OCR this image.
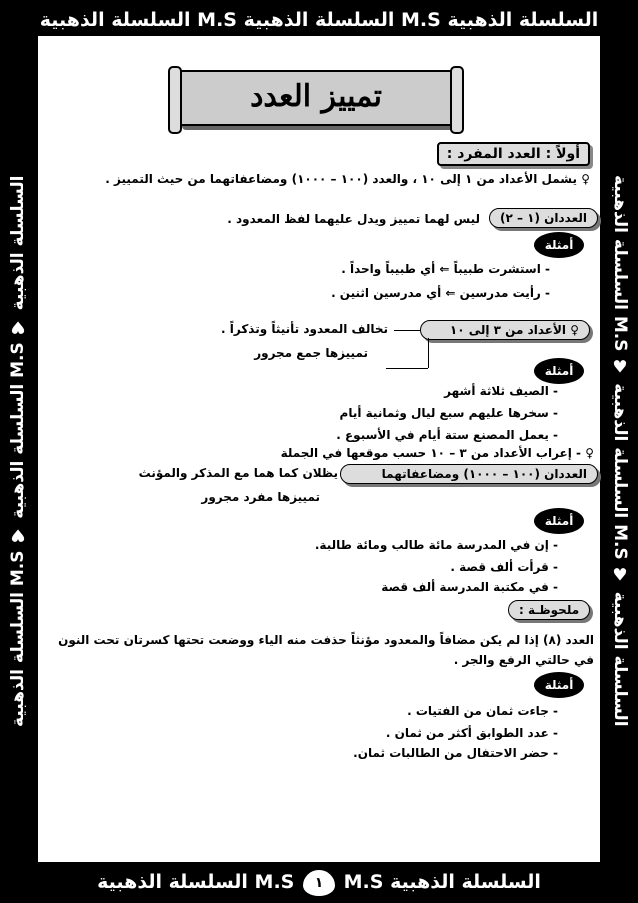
السلسلة الذهبية M.S السلسلة الذهبية M.S السلسلة الذهبية
السلسلة الذهبية M.S ١ M.S السلسلة الذهبية
السلسلة الذهبية M.S ♥ السلسلة الذهبية M.S ♥ السلسلة الذهبية	السلسلة الذهبية M.S ♥ السلسلة الذهبية M.S ♥ السلسلة الذهبية
تمييز العدد
أولاً : العدد المفرد :
♀ يشمل الأعداد من ١ إلى ١٠ ، والعدد (١٠٠ – ١٠٠٠) ومضاعفاتهما من حيث التمييز .
العددان (١ – ٢)
ليس لهما تمييز ويدل عليهما لفظ المعدود .
أمثلة
- استشرت طبيباً ⇐ أي طبيباً واحداً .
- رأيت مدرسين ⇐ أي مدرسين اثنين .
♀ الأعداد من ٣ إلى ١٠
تخالف المعدود تأنيثاً وتذكراً .
تمييزها جمع مجرور
أمثلة
- الصيف ثلاثة أشهر
- سخرها عليهم سبع ليال وثمانية أيام
- يعمل المصنع ستة أيام في الأسبوع .
♀ - إعراب الأعداد من ٣ – ١٠ حسب موقعها في الجملة
العددان (١٠٠ – ١٠٠٠) ومضاعفاتهما
يظلان كما هما مع المذكر والمؤنث
تمييزها مفرد مجرور
أمثلة
- إن في المدرسة مائة طالب ومائة طالبة.
- قرأت ألف قصة .
- في مكتبة المدرسة ألف قصة
ملحوظـة :
العدد (٨) إذا لم يكن مضافاً والمعدود مؤنثاً حذفت منه الياء ووضعت تحتها كسرتان تحت النون في حالتي الرفع والجر .
أمثلة
- جاءت ثمان من الفتيات .
- عدد الطوابق أكثر من ثمان .
- حضر الاحتفال من الطالبات ثمان.
